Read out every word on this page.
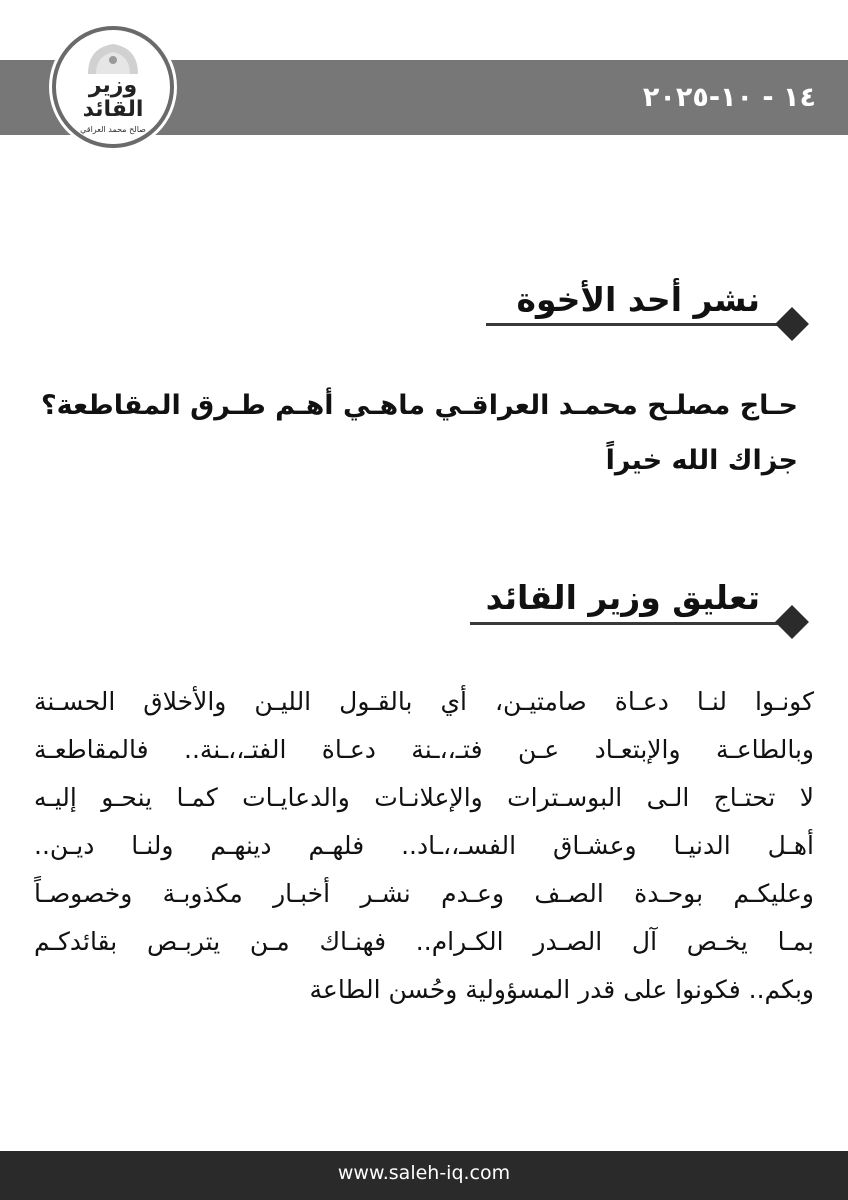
١٤ - ١٠-٢٠٢٥
وزير
القائد
صالح محمد العراقي
نشر أحد الأخوة
حـاج مصلـح محمـد العراقـي ماهـي أهـم طـرق المقاطعة؟
جزاك الله خيراً
تعليق وزير القائد
كونـوا لنـا دعـاة صامتيـن، أي بالقـول الليـن والأخلاق الحسـنة
وبالطاعـة والإبتعـاد عـن فتـ،،ـنة دعـاة الفتـ،،ـنة.. فالمقاطعـة
لا تحتـاج الـى البوسـترات والإعلانـات والدعايـات كمـا ينحـو إليـه
أهـل الدنيـا وعشـاق الفسـ،،ـاد.. فلهـم دينهـم ولنـا ديـن..
وعليكـم بوحـدة الصـف وعـدم نشـر أخبـار مكذوبـة وخصوصـاً
بمـا يخـص آل الصـدر الكـرام.. فهنـاك مـن يتربـص بقائدكـم
وبكم.. فكونوا على قدر المسؤولية وحُسن الطاعة
www.saleh-iq.com
